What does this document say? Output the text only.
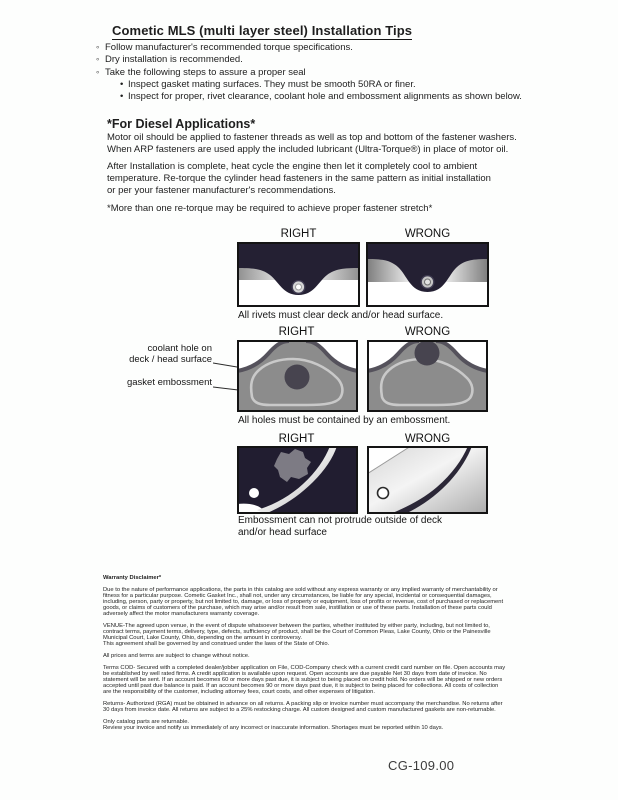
Cometic MLS (multi layer steel) Installation Tips
◦ Follow manufacturer's recommended torque specifications.
◦ Dry installation is recommended.
◦ Take the following steps to assure a proper seal
• Inspect gasket mating surfaces. They must be smooth 50RA or finer.
• Inspect for proper, rivet clearance, coolant hole and embossment alignments as shown below.
*For Diesel Applications*
Motor oil should be applied to fastener threads as well as top and bottom of the fastener washers.
When ARP fasteners are used apply the included lubricant (Ultra-Torque®) in place of motor oil.
After Installation is complete, heat cycle the engine then let it completely cool to ambient
temperature. Re-torque the cylinder head fasteners in the same pattern as initial installation
or per your fastener manufacturer's recommendations.
*More than one re-torque may be required to achieve proper fastener stretch*
RIGHT	WRONG
All rivets must clear deck and/or head surface.
RIGHT	WRONG
coolant hole on
deck / head surface
gasket embossment
All holes must be contained by an embossment.
RIGHT	WRONG
Embossment can not protrude outside of deck
and/or head surface
Warranty Disclaimer*

Due to the nature of performance applications, the parts in this catalog are sold without any express warranty or any implied warranty of merchantability or
fitness for a particular purpose. Cometic Gasket Inc., shall not, under any circumstances, be liable for any special, incidental or consequential damages,
including, person, party or property, but not limited to, damage, or loss of property or equipment, loss of profits or revenue, cost of purchased or replacement
goods, or claims of customers of the purchase, which may arise and/or result from sale, instillation or use of these parts. Installation of these parts could
adversely affect the motor manufacturers warranty coverage.

VENUE-The agreed upon venue, in the event of dispute whatsoever between the parties, whether instituted by either party, including, but not limited to,
contract terms, payment terms, delivery, type, defects, sufficiency of product, shall be the Court of Common Pleas, Lake County, Ohio or the Painesville
Municipal Court, Lake County, Ohio, depending on the amount in controversy.

This agreement shall be governed by and construed under the laws of the State of Ohio.

All prices and terms are subject to change without notice.

Terms COD- Secured with a completed dealer/jobber application on File, COD-Company check with a current credit card number on file. Open accounts may
be established by well rated firms. A credit application is available upon request. Open accounts are due payable Net 30 days from date of invoice. No
statement will be sent. If an account becomes 60 or more days past due, it is subject to being placed on credit hold. No orders will be shipped or new orders
accepted until past due balance is paid. If an account becomes 90 or more days past due, it is subject to being placed for collections. All costs of collection
are the responsibility of the customer, including attorney fees, court costs, and other expenses of litigation.

Returns- Authorized (RGA) must be obtained in advance on all returns. A packing slip or invoice number must accompany the merchandise. No returns after
30 days from invoice date. All returns are subject to a 25% restocking charge. All custom designed and custom manufactured gaskets are non-returnable.

Only catalog parts are returnable.

Review your invoice and notify us immediately of any incorrect or inaccurate information. Shortages must be reported within 10 days.

CG-109.00
